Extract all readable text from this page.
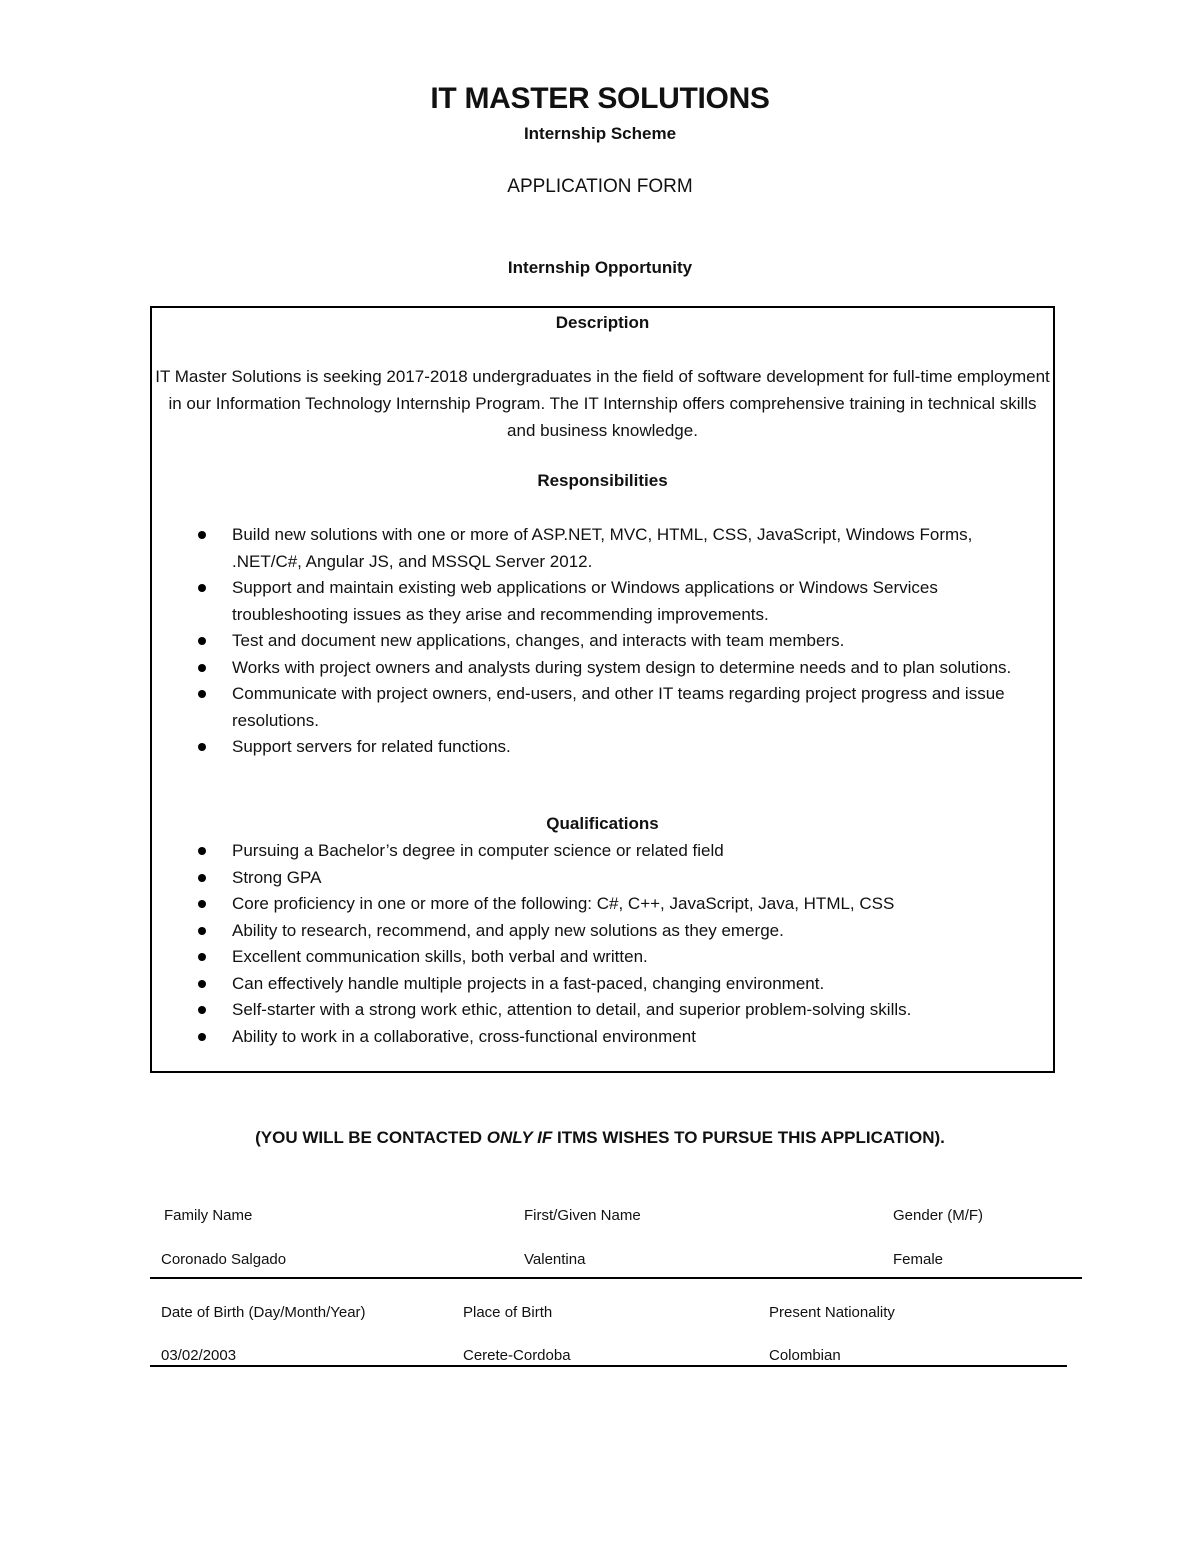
IT MASTER SOLUTIONS
Internship Scheme
APPLICATION FORM
Internship Opportunity
Description
IT Master Solutions is seeking 2017-2018 undergraduates in the field of software development for full-time employment in our Information Technology Internship Program. The IT Internship offers comprehensive training in technical skills and business knowledge.
Responsibilities
Build new solutions with one or more of ASP.NET, MVC, HTML, CSS, JavaScript, Windows Forms, .NET/C#, Angular JS, and MSSQL Server 2012.
Support and maintain existing web applications or Windows applications or Windows Services troubleshooting issues as they arise and recommending improvements.
Test and document new applications, changes, and interacts with team members.
Works with project owners and analysts during system design to determine needs and to plan solutions.
Communicate with project owners, end-users, and other IT teams regarding project progress and issue resolutions.
Support servers for related functions.
Qualifications
Pursuing a Bachelor’s degree in computer science or related field
Strong GPA
Core proficiency in one or more of the following: C#, C++, JavaScript, Java, HTML, CSS
Ability to research, recommend, and apply new solutions as they emerge.
Excellent communication skills, both verbal and written.
Can effectively handle multiple projects in a fast-paced, changing environment.
Self-starter with a strong work ethic, attention to detail, and superior problem-solving skills.
Ability to work in a collaborative, cross-functional environment
(YOU WILL BE CONTACTED ONLY IF ITMS WISHES TO PURSUE THIS APPLICATION).
Family Name	First/Given Name	Gender (M/F)
Coronado Salgado	Valentina	Female
Date of Birth (Day/Month/Year)	Place of Birth	Present Nationality
03/02/2003	Cerete-Cordoba	Colombian
